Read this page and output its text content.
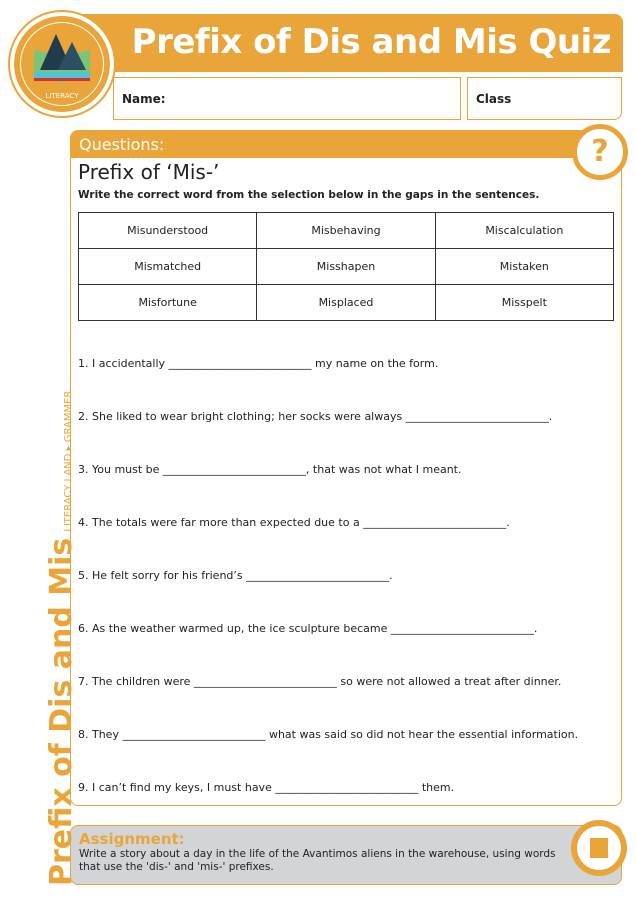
Prefix of Dis and Mis Quiz
LITERACY	Name:	Class
Questions:	?
Prefix of ‘Mis-’
Write the correct word from the selection below in the gaps in the sentences.
Misunderstood	Misbehaving	Miscalculation
Mismatched	Misshapen	Mistaken
Misfortune	Misplaced	Misspelt
1. I accidentally __________________________ my name on the form.
2. She liked to wear bright clothing; her socks were always __________________________.
3. You must be __________________________, that was not what I meant.
4. The totals were far more than expected due to a __________________________.
5. He felt sorry for his friend’s __________________________.
6. As the weather warmed up, the ice sculpture became __________________________.
7. The children were __________________________ so were not allowed a treat after dinner.
8. They __________________________ what was said so did not hear the essential information.
9. I can’t find my keys, I must have __________________________ them.
Assignment:

Write a story about a day in the life of the Avantimos aliens in the warehouse, using words that use the 'dis-' and 'mis-' prefixes.

Prefix of Dis and MisLITERACY LAND ▸ GRAMMER
